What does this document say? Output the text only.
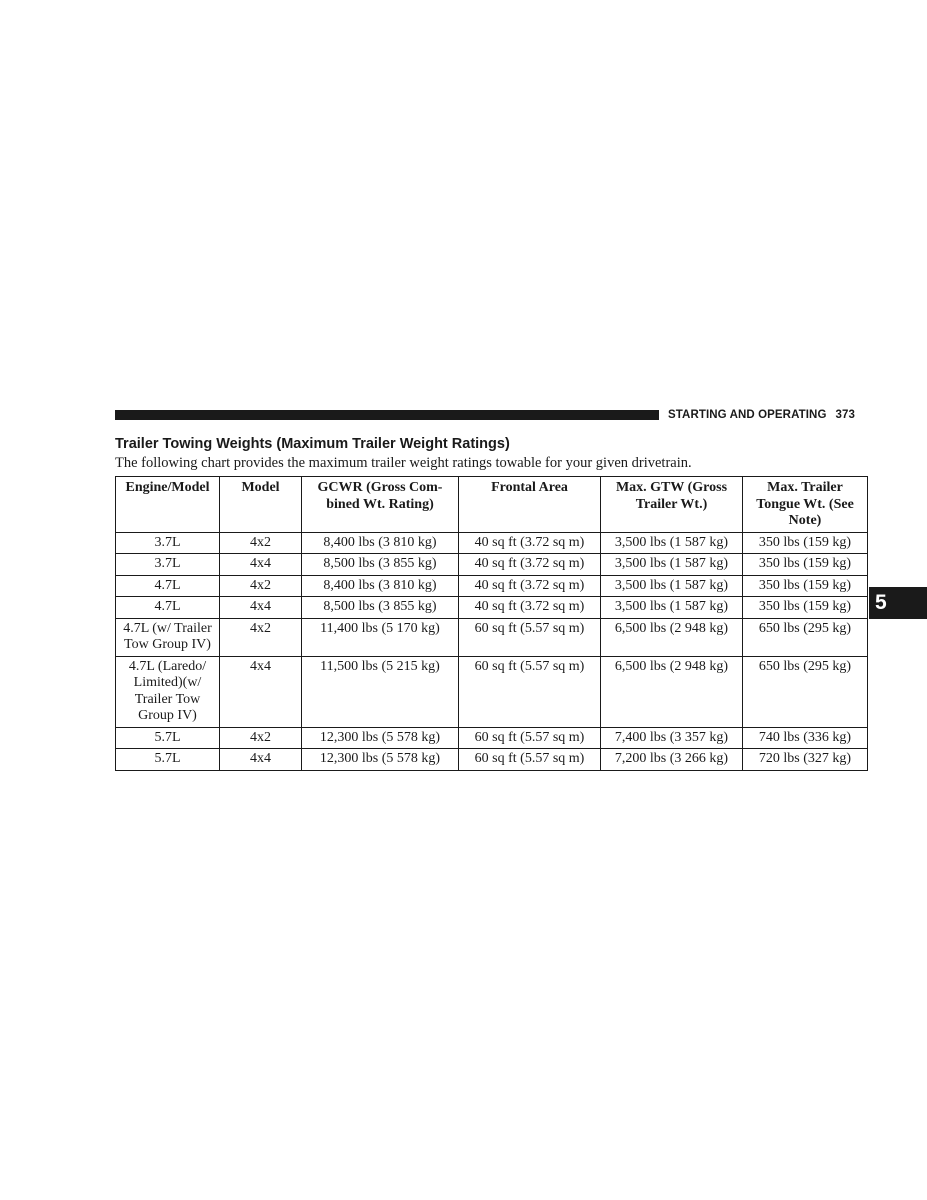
STARTING AND OPERATING 373
5
Trailer Towing Weights (Maximum Trailer Weight Ratings)
The following chart provides the maximum trailer weight ratings towable for your given drivetrain.
Engine/Model	Model	GCWR (Gross Com-bined Wt. Rating)	Frontal Area	Max. GTW (Gross Trailer Wt.)	Max. Trailer Tongue Wt. (See Note)
3.7L	4x2	8,400 lbs (3 810 kg)	40 sq ft (3.72 sq m)	3,500 lbs (1 587 kg)	350 lbs (159 kg)
3.7L	4x4	8,500 lbs (3 855 kg)	40 sq ft (3.72 sq m)	3,500 lbs (1 587 kg)	350 lbs (159 kg)
4.7L	4x2	8,400 lbs (3 810 kg)	40 sq ft (3.72 sq m)	3,500 lbs (1 587 kg)	350 lbs (159 kg)
4.7L	4x4	8,500 lbs (3 855 kg)	40 sq ft (3.72 sq m)	3,500 lbs (1 587 kg)	350 lbs (159 kg)
4.7L (w/ Trailer Tow Group IV)	4x2	11,400 lbs (5 170 kg)	60 sq ft (5.57 sq m)	6,500 lbs (2 948 kg)	650 lbs (295 kg)
4.7L (Laredo/ Limited)(w/ Trailer Tow Group IV)	4x4	11,500 lbs (5 215 kg)	60 sq ft (5.57 sq m)	6,500 lbs (2 948 kg)	650 lbs (295 kg)
5.7L	4x2	12,300 lbs (5 578 kg)	60 sq ft (5.57 sq m)	7,400 lbs (3 357 kg)	740 lbs (336 kg)
5.7L	4x4	12,300 lbs (5 578 kg)	60 sq ft (5.57 sq m)	7,200 lbs (3 266 kg)	720 lbs (327 kg)
